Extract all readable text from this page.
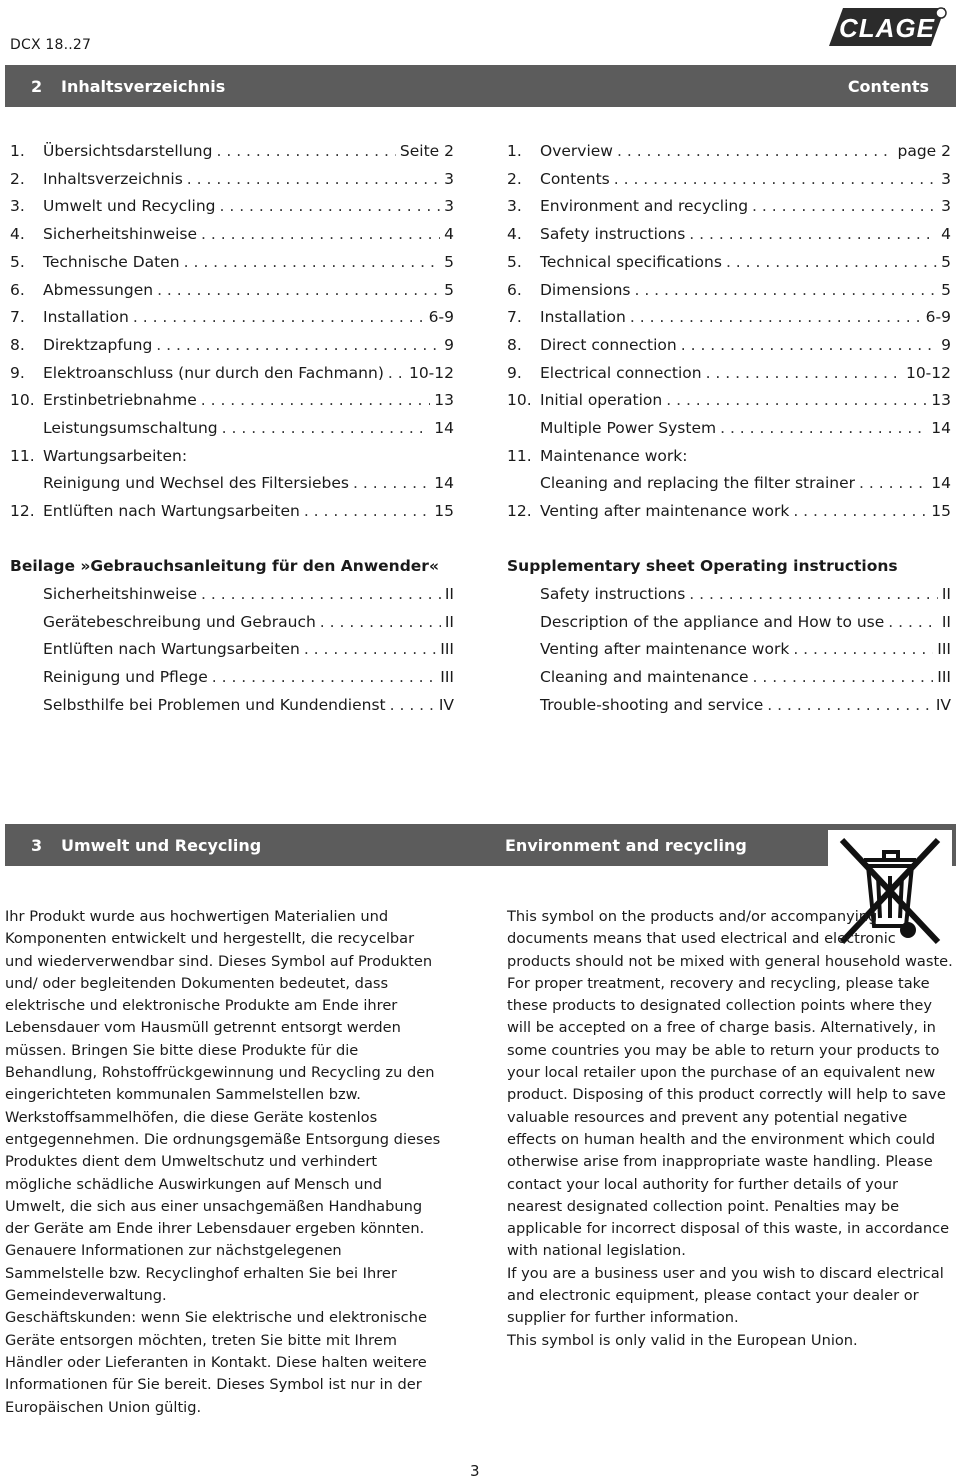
DCX 18..27
CLAGE
2 Inhaltsverzeichnis	Contents
1.	Übersichtsdarstellung . . .	Seite 2
2.	Inhaltsverzeichnis . . .	3
3.	Umwelt und Recycling . . .	3
4.	Sicherheitshinweise . . .	4
5.	Technische Daten . . .	5
6.	Abmessungen . . .	5
7.	Installation . . .	6-9
8.	Direktzapfung . . .	9
9.	Elektroanschluss (nur durch den Fachmann) . . . 10-12
10. Erstinbetriebnahme . . .	13
Leistungsumschaltung . . .	14
11. Wartungsarbeiten:
Reinigung und Wechsel des Filtersiebes . . .	14
12. Entlüften nach Wartungsarbeiten . . .	15
1.	Overview . . .	page 2
2.	Contents . . .	3
3.	Environment and recycling . . .	3
4.	Safety instructions . . .	4
5.	Technical specifications . . .	5
6.	Dimensions . . .	5
7.	Installation . . .	6-9
8.	Direct connection . . .	9
9.	Electrical connection . . .	10-12
10. Initial operation . . .	13
Multiple Power System . . .	14
11. Maintenance work:
Cleaning and replacing the filter strainer . . .	14
12. Venting after maintenance work . . .	15
Beilage »Gebrauchsanleitung für den Anwender«	Supplementary sheet Operating instructions
Sicherheitshinweise . . .	II
Gerätebeschreibung und Gebrauch . . .	II
Entlüften nach Wartungsarbeiten . . .	III
Reinigung und Pflege . . .	III
Selbsthilfe bei Problemen und Kundendienst . . .	IV
Safety instructions . . .	II
Description of the appliance and How to use . . .	II
Venting after maintenance work . . .	III
Cleaning and maintenance . . .	III
Trouble-shooting and service . . .	IV
3 Umwelt und Recycling	Environment and recycling

Ihr Produkt wurde aus hochwertigen Materialien und Komponenten entwickelt und hergestellt, die recycelbar und wiederverwendbar sind. Dieses Symbol auf Produkten und/ oder begleitenden Dokumenten bedeutet, dass elektrische und elektronische Produkte am Ende ihrer Lebensdauer vom Hausmüll getrennt entsorgt werden müssen. Bringen Sie bitte diese Produkte für die Behandlung, Rohstoffrückgewinnung und Recycling zu den eingerichteten kommunalen Sammelstellen bzw. Werkstoffsammelhöfen, die diese Geräte kostenlos entgegennehmen. Die ordnungsgemäße Entsorgung dieses Produktes dient dem Umweltschutz und verhindert mögliche schädliche Auswirkungen auf Mensch und Umwelt, die sich aus einer unsachgemäßen Handhabung der Geräte am Ende ihrer Lebensdauer ergeben könnten.

Genauere Informationen zur nächstgelegenen Sammelstelle bzw. Recyclinghof erhalten Sie bei Ihrer Gemeindeverwaltung.

Geschäftskunden: wenn Sie elektrische und elektronische Geräte entsorgen möchten, treten Sie bitte mit Ihrem Händler oder Lieferanten in Kontakt. Diese halten weitere Informationen für Sie bereit. Dieses Symbol ist nur in der Europäischen Union gültig.

This symbol on the products and/or accompanying documents means that used electrical and electronic products should not be mixed with general household waste. For proper treatment, recovery and recycling, please take these products to designated collection points where they will be accepted on a free of charge basis. Alternatively, in some countries you may be able to return your products to your local retailer upon the purchase of an equivalent new product. Disposing of this product correctly will help to save valuable resources and prevent any potential negative effects on human health and the environment which could otherwise arise from inappropriate waste handling. Please contact your local authority for further details of your nearest designated collection point. Penalties may be applicable for incorrect disposal of this waste, in accordance with national legislation.

If you are a business user and you wish to discard electrical and electronic equipment, please contact your dealer or supplier for further information.

This symbol is only valid in the European Union.

3
